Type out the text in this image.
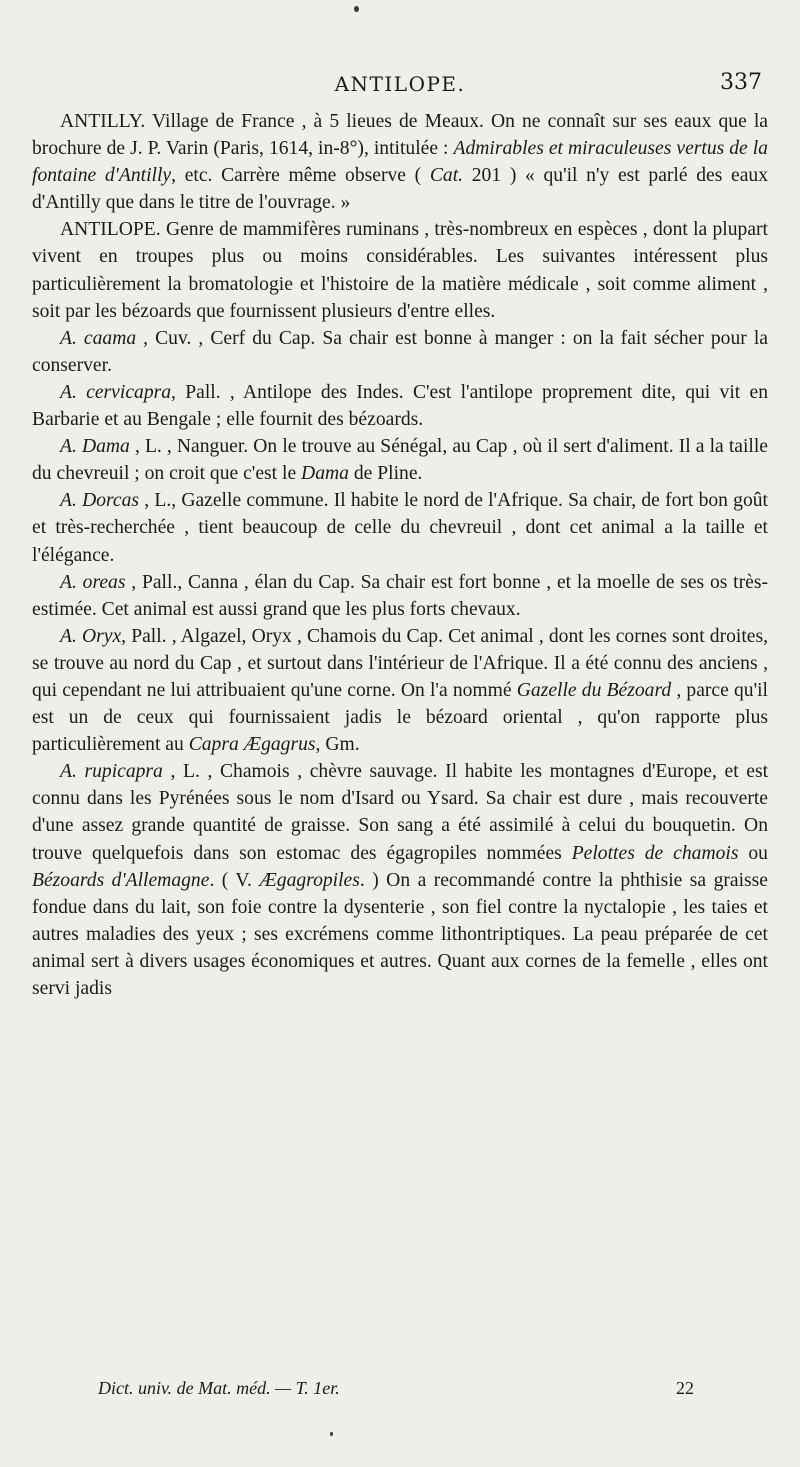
ANTILOPE.	337

ANTILLY. Village de France , à 5 lieues de Meaux. On ne connaît sur ses eaux que la brochure de J. P. Varin (Paris, 1614, in-8°), intitulée : Admirables et miraculeuses vertus de la fontaine d'Antilly, etc. Carrère même observe ( Cat. 201 ) « qu'il n'y est parlé des eaux d'Antilly que dans le titre de l'ouvrage. »

ANTILOPE. Genre de mammifères ruminans , très-nombreux en espèces , dont la plupart vivent en troupes plus ou moins considérables. Les suivantes intéressent plus particulièrement la bromatologie et l'histoire de la matière médicale , soit comme aliment , soit par les bézoards que fournissent plusieurs d'entre elles.

A. caama , Cuv. , Cerf du Cap. Sa chair est bonne à manger : on la fait sécher pour la conserver.

A. cervicapra, Pall. , Antilope des Indes. C'est l'antilope proprement dite, qui vit en Barbarie et au Bengale ; elle fournit des bézoards.

A. Dama , L. , Nanguer. On le trouve au Sénégal, au Cap , où il sert d'aliment. Il a la taille du chevreuil ; on croit que c'est le Dama de Pline.

A. Dorcas , L., Gazelle commune. Il habite le nord de l'Afrique. Sa chair, de fort bon goût et très-recherchée , tient beaucoup de celle du chevreuil , dont cet animal a la taille et l'élégance.

A. oreas , Pall., Canna , élan du Cap. Sa chair est fort bonne , et la moelle de ses os très-estimée. Cet animal est aussi grand que les plus forts chevaux.

A. Oryx, Pall. , Algazel, Oryx , Chamois du Cap. Cet animal , dont les cornes sont droites, se trouve au nord du Cap , et surtout dans l'intérieur de l'Afrique. Il a été connu des anciens , qui cependant ne lui attribuaient qu'une corne. On l'a nommé Gazelle du Bézoard , parce qu'il est un de ceux qui fournissaient jadis le bézoard oriental , qu'on rapporte plus particulièrement au Capra Ægagrus, Gm.

A. rupicapra , L. , Chamois , chèvre sauvage. Il habite les montagnes d'Europe, et est connu dans les Pyrénées sous le nom d'Isard ou Ysard. Sa chair est dure , mais recouverte d'une assez grande quantité de graisse. Son sang a été assimilé à celui du bouquetin. On trouve quelquefois dans son estomac des égagropiles nommées Pelottes de chamois ou Bézoards d'Allemagne. ( V. Ægagropiles. ) On a recommandé contre la phthisie sa graisse fondue dans du lait, son foie contre la dysenterie , son fiel contre la nyctalopie , les taies et autres maladies des yeux ; ses excrémens comme lithontriptiques. La peau préparée de cet animal sert à divers usages économiques et autres. Quant aux cornes de la femelle , elles ont servi jadis

Dict. univ. de Mat. méd. — T. 1er.	22
